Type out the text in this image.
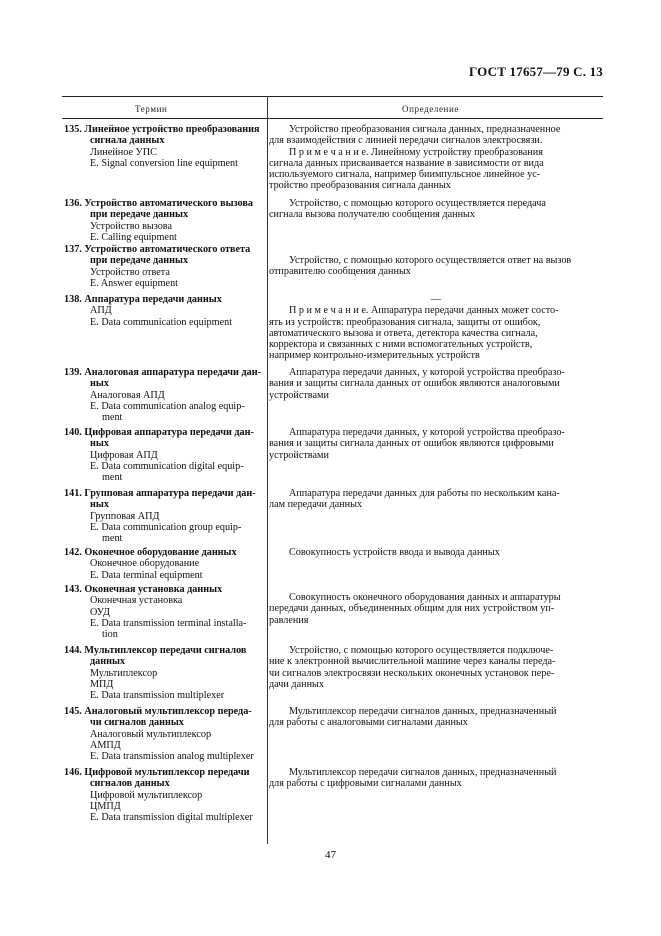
ГОСТ 17657—79 С. 13
Термин	Определение
135. Линейное устройство преобразования
сигнала данных
Линейное УПС
E. Signal conversion line equipment
Устройство преобразования сигнала данных, предназначенное
для взаимодействия с линией передачи сигналов электросвязи.
П р и м е ч а н и е. Линейному устройству преобразования
сигнала данных присваивается название в зависимости от вида
используемого сигнала, например биимпульсное линейное ус-
тройство преобразования сигнала данных
136. Устройство автоматического вызова
при передаче данных
Устройство вызова
E. Calling equipment
Устройство, с помощью которого осуществляется передача
сигнала вызова получателю сообщения данных
137. Устройство автоматического ответа
при передаче данных
Устройство ответа
E. Answer equipment
Устройство, с помощью которого осуществляется ответ на вызов
отправителю сообщения данных
138. Аппаратура передачи данных
АПД
E. Data communication equipment
—
П р и м е ч а н и е. Аппаратура передачи данных может состо-
ять из устройств: преобразования сигнала, защиты от ошибок,
автоматического вызова и ответа, детектора качества сигнала,
корректора и связанных с ними вспомогательных устройств,
например контрольно-измерительных устройств
139. Аналоговая аппаратура передачи дан-
ных
Аналоговая АПД
E. Data communication analog equip-
ment
Аппаратура передачи данных, у которой устройства преобразо-
вания и защиты сигнала данных от ошибок являются аналоговыми
устройствами
140. Цифровая аппаратура передачи дан-
ных
Цифровая АПД
E. Data communication digital equip-
ment
Аппаратура передачи данных, у которой устройства преобразо-
вания и защиты сигнала данных от ошибок являются цифровыми
устройствами
141. Групповая аппаратура передачи дан-
ных
Групповая АПД
E. Data communication group equip-
ment
Аппаратура передачи данных для работы по нескольким кана-
лам передачи данных
142. Оконечное оборудование данных
Оконечное оборудование
E. Data terminal equipment
Совокупность устройств ввода и вывода данных
143. Оконечная установка данных
Оконечная установка
ОУД
E. Data transmission terminal installa-
tion
Совокупность оконечного оборудования данных и аппаратуры
передачи данных, объединенных общим для них устройством уп-
равления
144. Мультиплексор передачи сигналов
данных
Мультиплексор
МПД
E. Data transmission multiplexer
Устройство, с помощью которого осуществляется подключе-
ние к электронной вычислительной машине через каналы переда-
чи сигналов электросвязи нескольких оконечных установок пере-
дачи данных
145. Аналоговый мультиплексор переда-
чи сигналов данных
Аналоговый мультиплексор
АМПД
E. Data transmission analog multiplexer
Мультиплексор передачи сигналов данных, предназначенный
для работы с аналоговыми сигналами данных
146. Цифровой мультиплексор передачи
сигналов данных
Цифровой мультиплексор
ЦМПД
E. Data transmission digital multiplexer
Мультиплексор передачи сигналов данных, предназначенный
для работы с цифровыми сигналами данных
47
